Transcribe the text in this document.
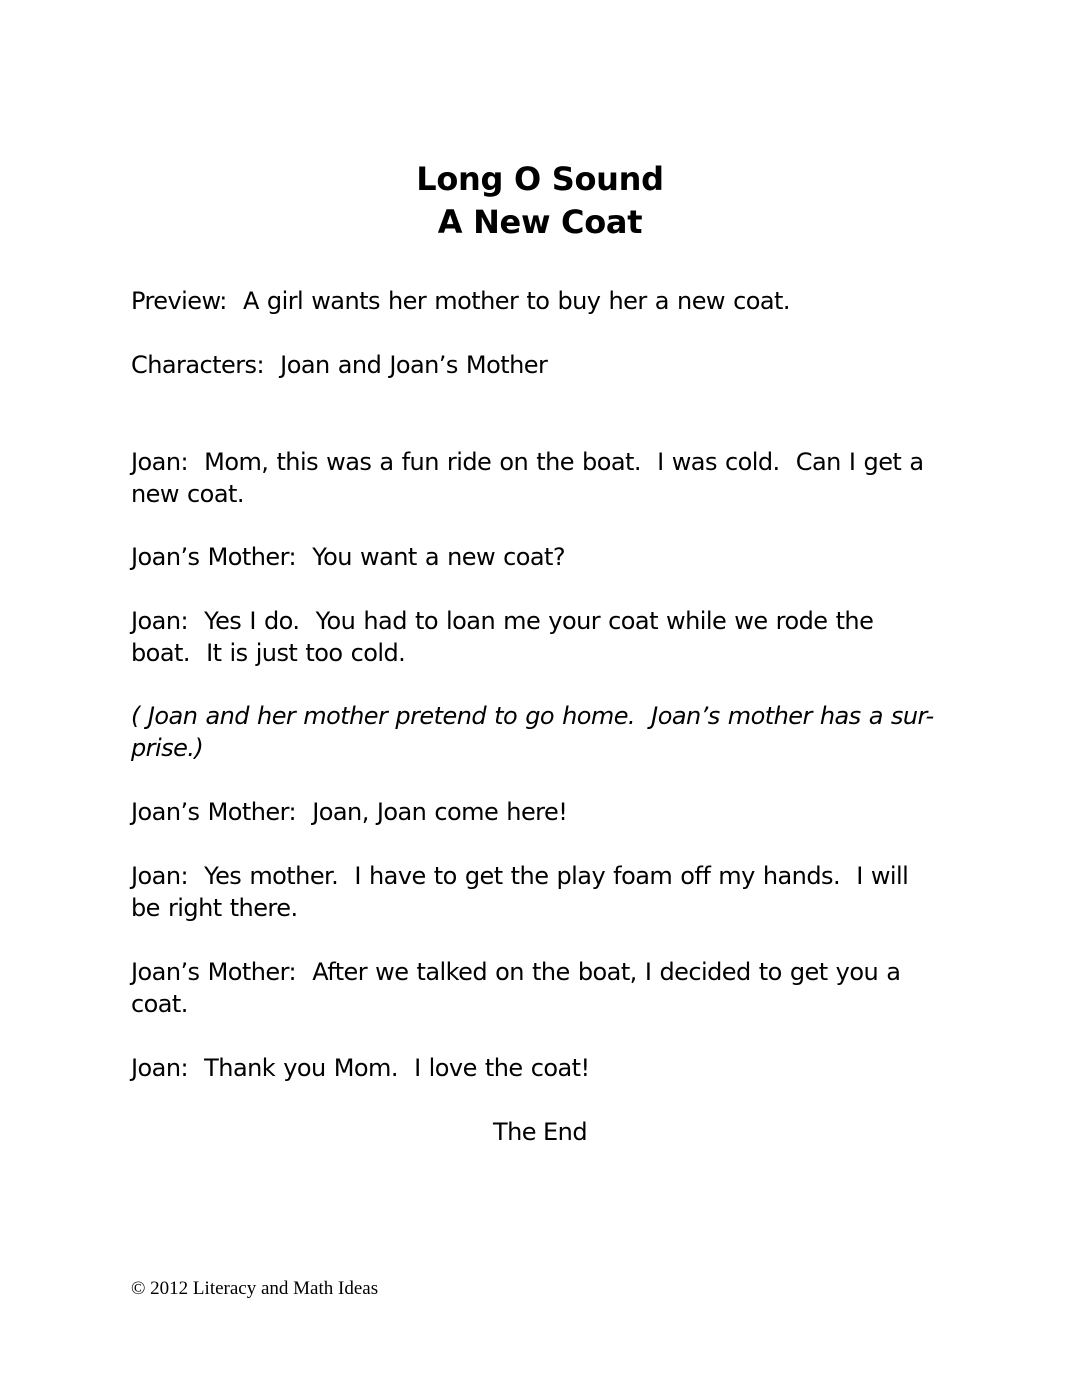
Long O Sound
A New Coat
Preview:  A girl wants her mother to buy her a new coat.
Characters:  Joan and Joan’s Mother
Joan:  Mom, this was a fun ride on the boat.  I was cold.  Can I get a
new coat.
Joan’s Mother:  You want a new coat?
Joan:  Yes I do.  You had to loan me your coat while we rode the
boat.  It is just too cold.
( Joan and her mother pretend to go home.  Joan’s mother has a sur-
prise.)
Joan’s Mother:  Joan, Joan come here!
Joan:  Yes mother.  I have to get the play foam off my hands.  I will
be right there.
Joan’s Mother:  After we talked on the boat, I decided to get you a
coat.
Joan:  Thank you Mom.  I love the coat!
The End
© 2012 Literacy and Math Ideas
